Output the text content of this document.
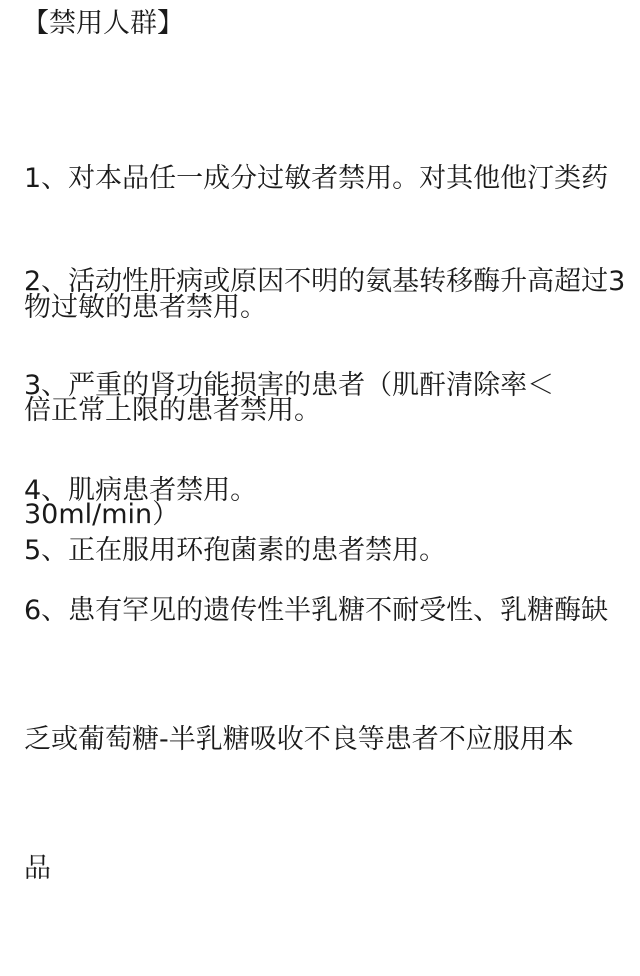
【禁用人群】

1、对本品任一成分过敏者禁用。对其他他汀类药

物过敏的患者禁用。

2、活动性肝病或原因不明的氨基转移酶升高超过3

倍正常上限的患者禁用。

3、严重的肾功能损害的患者（肌酐清除率＜

30ml/min）

4、肌病患者禁用。

5、正在服用环孢菌素的患者禁用。

6、患有罕见的遗传性半乳糖不耐受性、乳糖酶缺

乏或葡萄糖-半乳糖吸收不良等患者不应服用本

品
